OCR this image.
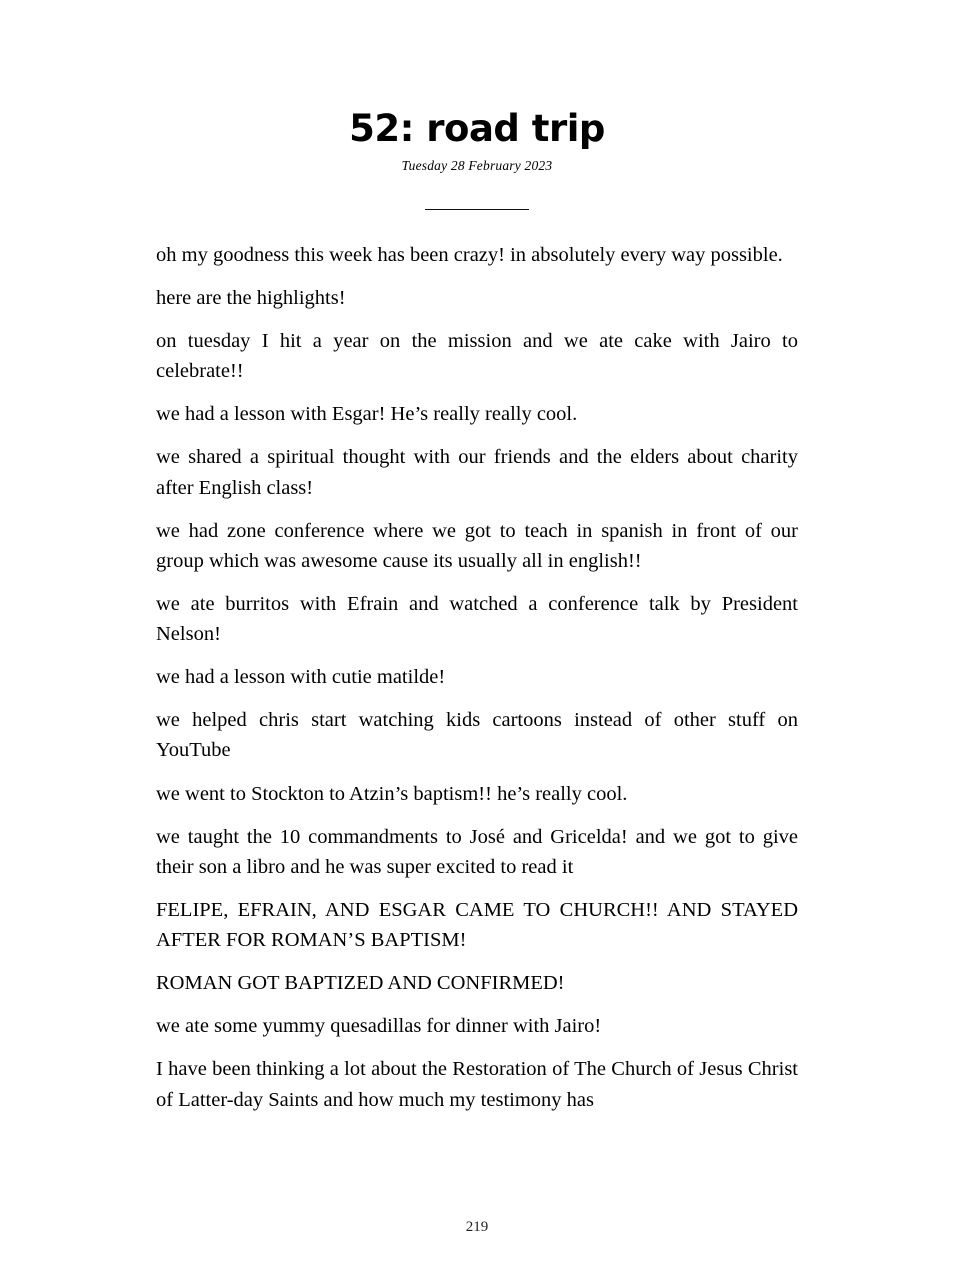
52: road trip
Tuesday 28 February 2023

oh my goodness this week has been crazy! in absolutely every way possible.

here are the highlights!

on tuesday I hit a year on the mission and we ate cake with Jairo to celebrate!!

we had a lesson with Esgar! He’s really really cool.

we shared a spiritual thought with our friends and the elders about charity after English class!

we had zone conference where we got to teach in spanish in front of our group which was awesome cause its usually all in english!!

we ate burritos with Efrain and watched a conference talk by President Nelson!

we had a lesson with cutie matilde!

we helped chris start watching kids cartoons instead of other stuff on YouTube

we went to Stockton to Atzin’s baptism!! he’s really cool.

we taught the 10 commandments to José and Gricelda! and we got to give their son a libro and he was super excited to read it

FELIPE, EFRAIN, AND ESGAR CAME TO CHURCH!! AND STAYED AFTER FOR ROMAN’S BAPTISM!

ROMAN GOT BAPTIZED AND CONFIRMED!

we ate some yummy quesadillas for dinner with Jairo!

I have been thinking a lot about the Restoration of The Church of Jesus Christ of Latter-day Saints and how much my testimony has

219
